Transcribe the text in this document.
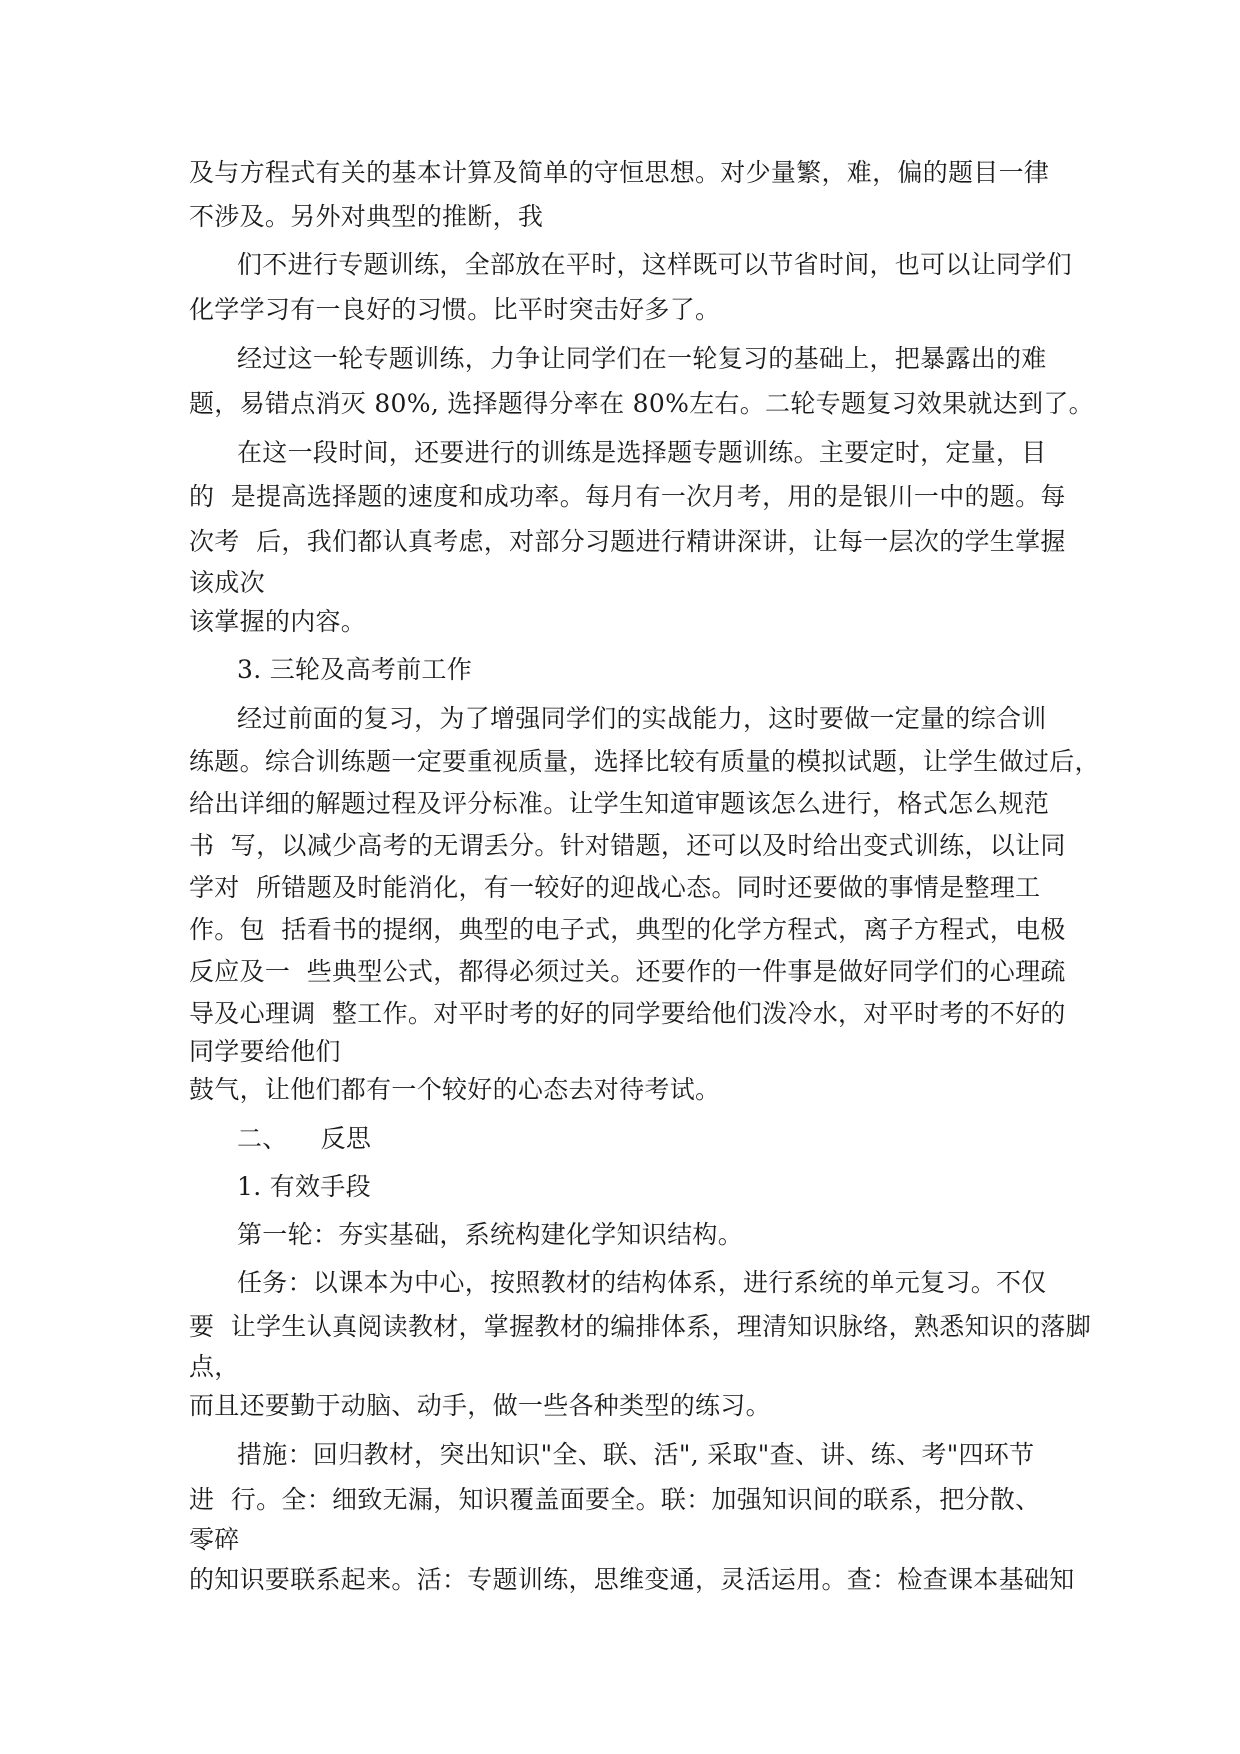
及与方程式有关的基本计算及简单的守恒思想。对少量繁，难，偏的题目一律
不涉及。另外对典型的推断，我
们不进行专题训练，全部放在平时，这样既可以节省时间，也可以让同学们
化学学习有一良好的习惯。比平时突击好多了。
经过这一轮专题训练，力争让同学们在一轮复习的基础上，把暴露出的难
题，易错点消灭 80%, 选择题得分率在 80%左右。二轮专题复习效果就达到了。
在这一段时间，还要进行的训练是选择题专题训练。主要定时，定量，目
的  是提高选择题的速度和成功率。每月有一次月考，用的是银川一中的题。每
次考  后，我们都认真考虑，对部分习题进行精讲深讲，让每一层次的学生掌握
该成次
该掌握的内容。
3. 三轮及高考前工作
经过前面的复习，为了增强同学们的实战能力，这时要做一定量的综合训
练题。综合训练题一定要重视质量，选择比较有质量的模拟试题，让学生做过后，
给出详细的解题过程及评分标准。让学生知道审题该怎么进行，格式怎么规范
书  写，以减少高考的无谓丢分。针对错题，还可以及时给出变式训练，以让同
学对  所错题及时能消化，有一较好的迎战心态。同时还要做的事情是整理工
作。包  括看书的提纲，典型的电子式，典型的化学方程式，离子方程式，电极
反应及一  些典型公式，都得必须过关。还要作的一件事是做好同学们的心理疏
导及心理调  整工作。对平时考的好的同学要给他们泼冷水，对平时考的不好的
同学要给他们
鼓气，让他们都有一个较好的心态去对待考试。
二、    反思
1. 有效手段
第一轮：夯实基础，系统构建化学知识结构。
任务：以课本为中心，按照教材的结构体系，进行系统的单元复习。不仅
要  让学生认真阅读教材，掌握教材的编排体系，理清知识脉络，熟悉知识的落脚
点，
而且还要勤于动脑、动手，做一些各种类型的练习。
措施：回归教材，突出知识"全、联、活", 采取"查、讲、练、考"四环节
进  行。全：细致无漏，知识覆盖面要全。联：加强知识间的联系，把分散、
零碎
的知识要联系起来。活：专题训练，思维变通，灵活运用。查：检查课本基础知
